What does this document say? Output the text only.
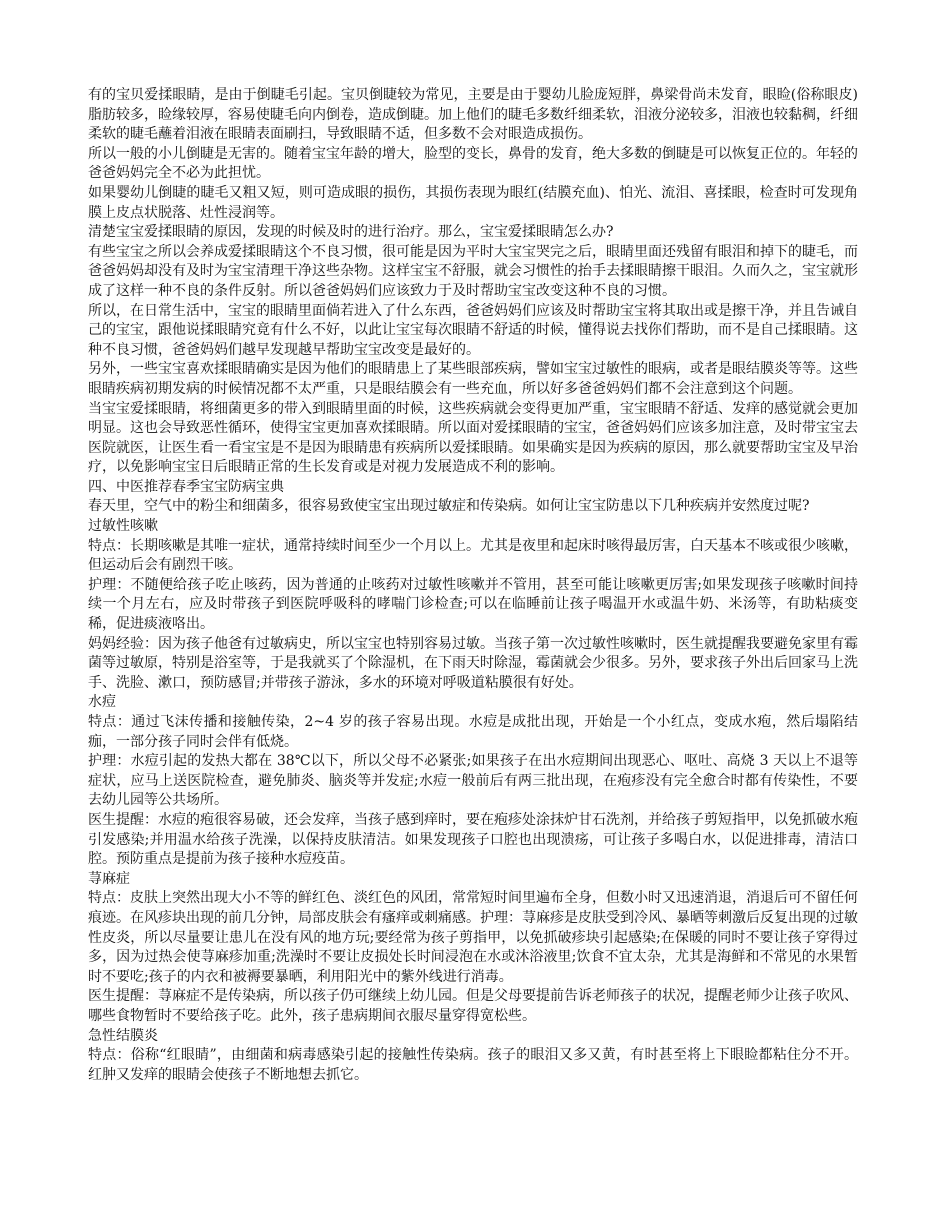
有的宝贝爱揉眼睛，是由于倒睫毛引起。宝贝倒睫较为常见，主要是由于婴幼儿脸庞短胖，鼻梁骨尚未发育，眼睑(俗称眼皮)脂肪较多，睑缘较厚，容易使睫毛向内倒卷，造成倒睫。加上他们的睫毛多数纤细柔软，泪液分泌较多，泪液也较黏稠，纤细柔软的睫毛蘸着泪液在眼睛表面刷扫，导致眼睛不适，但多数不会对眼造成损伤。

所以一般的小儿倒睫是无害的。随着宝宝年龄的增大，脸型的变长，鼻骨的发育，绝大多数的倒睫是可以恢复正位的。年轻的爸爸妈妈完全不必为此担忧。

如果婴幼儿倒睫的睫毛又粗又短，则可造成眼的损伤，其损伤表现为眼红(结膜充血)、怕光、流泪、喜揉眼，检查时可发现角膜上皮点状脱落、灶性浸润等。

清楚宝宝爱揉眼睛的原因，发现的时候及时的进行治疗。那么，宝宝爱揉眼睛怎么办?

有些宝宝之所以会养成爱揉眼睛这个不良习惯，很可能是因为平时大宝宝哭完之后，眼睛里面还残留有眼泪和掉下的睫毛，而爸爸妈妈却没有及时为宝宝清理干净这些杂物。这样宝宝不舒服，就会习惯性的抬手去揉眼睛擦干眼泪。久而久之，宝宝就形成了这样一种不良的条件反射。所以爸爸妈妈们应该致力于及时帮助宝宝改变这种不良的习惯。

所以，在日常生活中，宝宝的眼睛里面倘若进入了什么东西，爸爸妈妈们应该及时帮助宝宝将其取出或是擦干净，并且告诫自己的宝宝，跟他说揉眼睛究竟有什么不好，以此让宝宝每次眼睛不舒适的时候，懂得说去找你们帮助，而不是自己揉眼睛。这种不良习惯，爸爸妈妈们越早发现越早帮助宝宝改变是最好的。

另外，一些宝宝喜欢揉眼睛确实是因为他们的眼睛患上了某些眼部疾病，譬如宝宝过敏性的眼病，或者是眼结膜炎等等。这些眼睛疾病初期发病的时候情况都不太严重，只是眼结膜会有一些充血，所以好多爸爸妈妈们都不会注意到这个问题。

当宝宝爱揉眼睛，将细菌更多的带入到眼睛里面的时候，这些疾病就会变得更加严重，宝宝眼睛不舒适、发痒的感觉就会更加明显。这也会导致恶性循环，使得宝宝更加喜欢揉眼睛。所以面对爱揉眼睛的宝宝，爸爸妈妈们应该多加注意，及时带宝宝去医院就医，让医生看一看宝宝是不是因为眼睛患有疾病所以爱揉眼睛。如果确实是因为疾病的原因，那么就要帮助宝宝及早治疗，以免影响宝宝日后眼睛正常的生长发育或是对视力发展造成不利的影响。

四、中医推荐春季宝宝防病宝典

春天里，空气中的粉尘和细菌多，很容易致使宝宝出现过敏症和传染病。如何让宝宝防患以下几种疾病并安然度过呢?

过敏性咳嗽

特点：长期咳嗽是其唯一症状，通常持续时间至少一个月以上。尤其是夜里和起床时咳得最厉害，白天基本不咳或很少咳嗽，但运动后会有剧烈干咳。

护理：不随便给孩子吃止咳药，因为普通的止咳药对过敏性咳嗽并不管用，甚至可能让咳嗽更厉害;如果发现孩子咳嗽时间持续一个月左右，应及时带孩子到医院呼吸科的哮喘门诊检查;可以在临睡前让孩子喝温开水或温牛奶、米汤等，有助粘痰变稀，促进痰液咯出。

妈妈经验：因为孩子他爸有过敏病史，所以宝宝也特别容易过敏。当孩子第一次过敏性咳嗽时，医生就提醒我要避免家里有霉菌等过敏原，特别是浴室等，于是我就买了个除湿机，在下雨天时除湿，霉菌就会少很多。另外，要求孩子外出后回家马上洗手、洗脸、漱口，预防感冒;并带孩子游泳，多水的环境对呼吸道粘膜很有好处。

水痘

特点：通过飞沫传播和接触传染，2~4 岁的孩子容易出现。水痘是成批出现，开始是一个小红点，变成水疱，然后塌陷结痂，一部分孩子同时会伴有低烧。

护理：水痘引起的发热大都在 38℃以下，所以父母不必紧张;如果孩子在出水痘期间出现恶心、呕吐、高烧 3 天以上不退等症状，应马上送医院检查，避免肺炎、脑炎等并发症;水痘一般前后有两三批出现，在疱疹没有完全愈合时都有传染性，不要去幼儿园等公共场所。

医生提醒：水痘的疱很容易破，还会发痒，当孩子感到痒时，要在疱疹处涂抹炉甘石洗剂，并给孩子剪短指甲，以免抓破水疱引发感染;并用温水给孩子洗澡，以保持皮肤清洁。如果发现孩子口腔也出现溃疡，可让孩子多喝白水，以促进排毒，清洁口腔。预防重点是提前为孩子接种水痘疫苗。

荨麻症

特点：皮肤上突然出现大小不等的鲜红色、淡红色的风团，常常短时间里遍布全身，但数小时又迅速消退，消退后可不留任何痕迹。在风疹块出现的前几分钟，局部皮肤会有瘙痒或刺痛感。护理：荨麻疹是皮肤受到冷风、暴晒等刺激后反复出现的过敏性皮炎，所以尽量要让患儿在没有风的地方玩;要经常为孩子剪指甲，以免抓破疹块引起感染;在保暖的同时不要让孩子穿得过多，因为过热会使荨麻疹加重;洗澡时不要让皮损处长时间浸泡在水或沐浴液里;饮食不宜太杂，尤其是海鲜和不常见的水果暂时不要吃;孩子的内衣和被褥要暴晒，利用阳光中的紫外线进行消毒。

医生提醒：荨麻症不是传染病，所以孩子仍可继续上幼儿园。但是父母要提前告诉老师孩子的状况，提醒老师少让孩子吹风、哪些食物暂时不要给孩子吃。此外，孩子患病期间衣服尽量穿得宽松些。

急性结膜炎

特点：俗称“红眼睛”，由细菌和病毒感染引起的接触性传染病。孩子的眼泪又多又黄，有时甚至将上下眼睑都粘住分不开。红肿又发痒的眼睛会使孩子不断地想去抓它。
